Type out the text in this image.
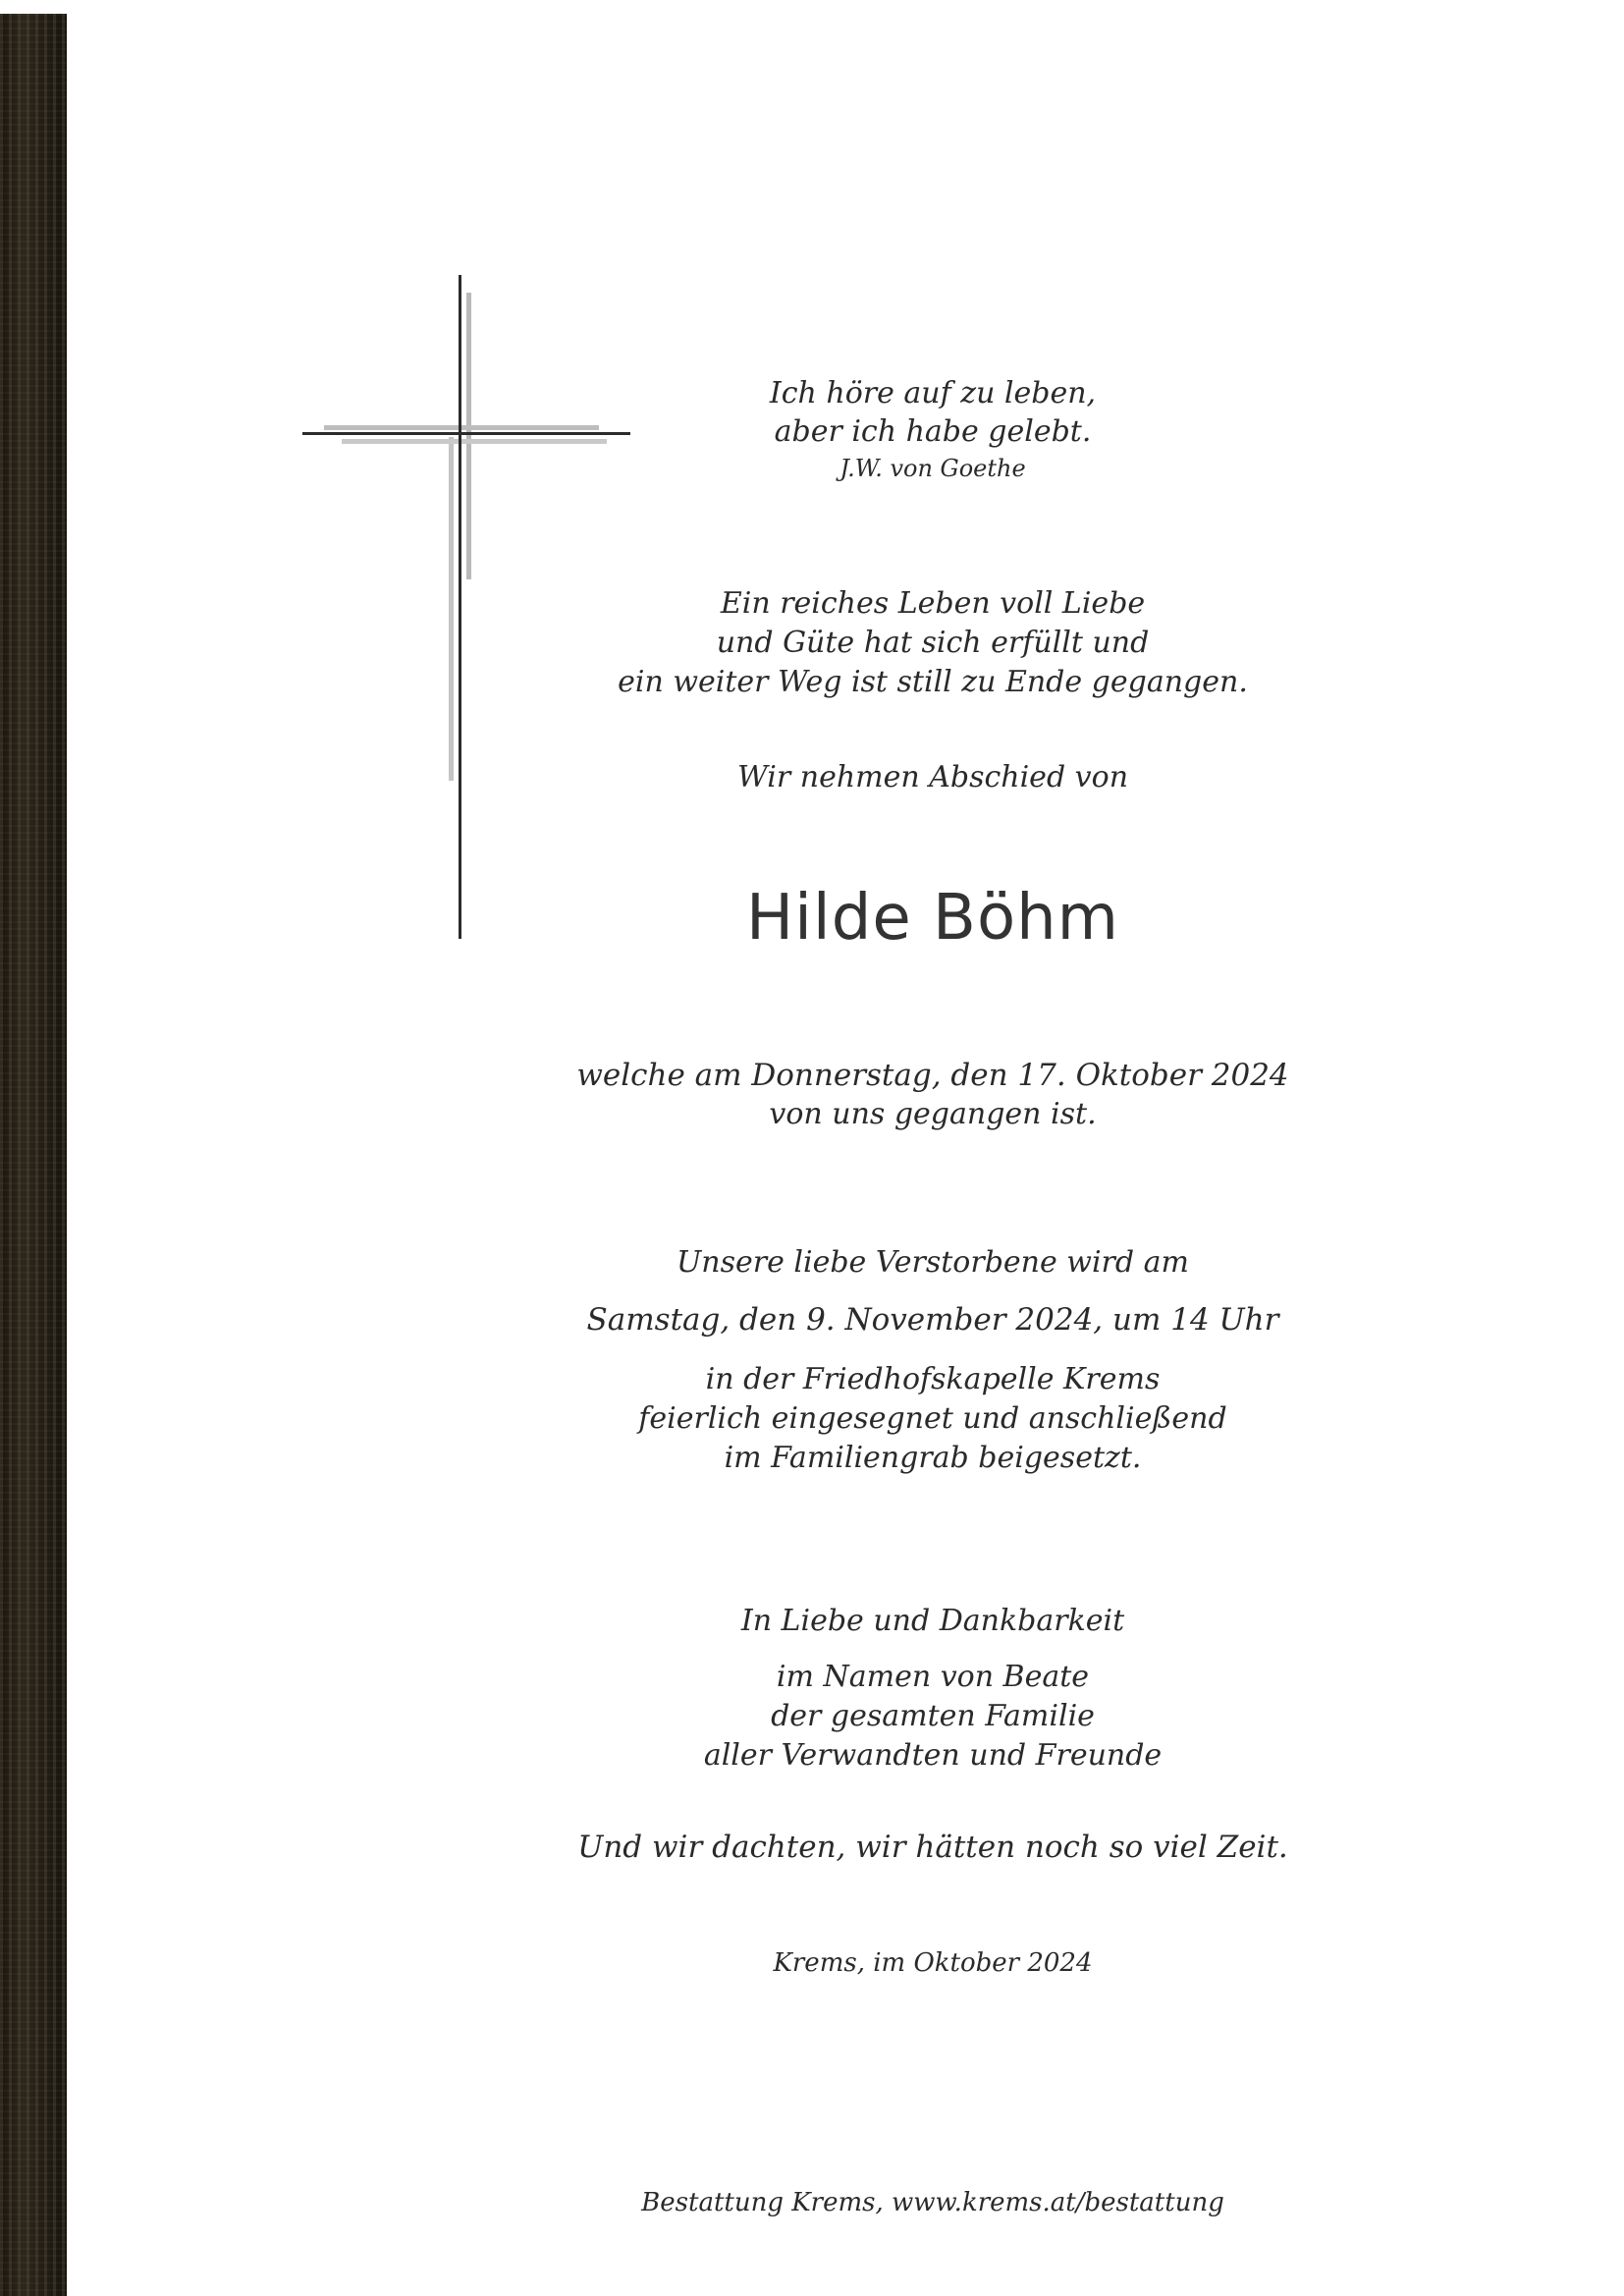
Ich höre auf zu leben,
aber ich habe gelebt.
J.W. von Goethe
Ein reiches Leben voll Liebe
und Güte hat sich erfüllt und
ein weiter Weg ist still zu Ende gegangen.
Wir nehmen Abschied von
Hilde Böhm
welche am Donnerstag, den 17. Oktober 2024
von uns gegangen ist.
Unsere liebe Verstorbene wird am
Samstag, den 9. November 2024, um 14 Uhr
in der Friedhofskapelle Krems
feierlich eingesegnet und anschließend
im Familiengrab beigesetzt.
In Liebe und Dankbarkeit
im Namen von Beate
der gesamten Familie
aller Verwandten und Freunde
Und wir dachten, wir hätten noch so viel Zeit.
Krems, im Oktober 2024
Bestattung Krems, www.krems.at/bestattung
